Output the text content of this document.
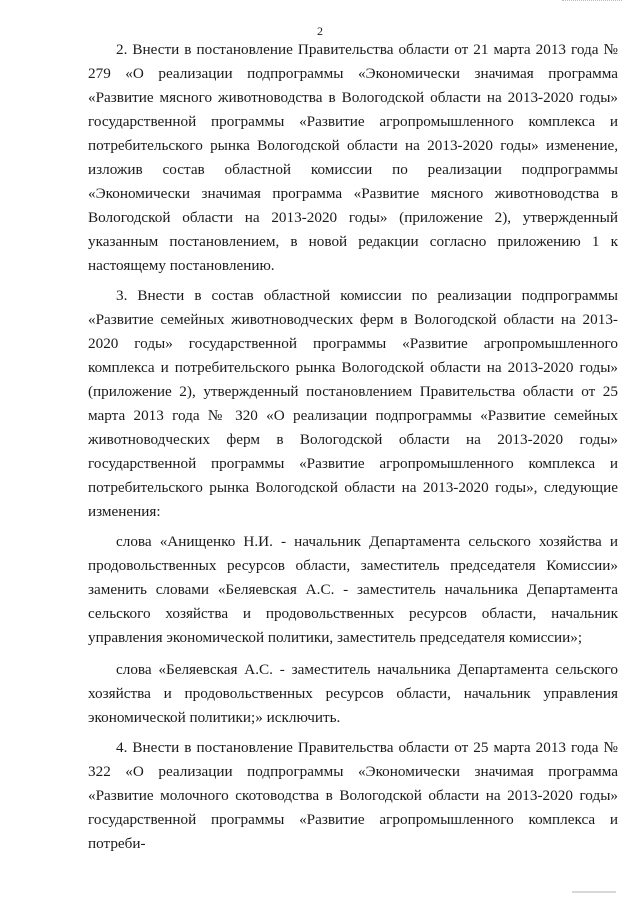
2

2. Внести в постановление Правительства области от 21 марта 2013 года № 279 «О реализации подпрограммы «Экономически значимая программа «Развитие мясного животноводства в Вологодской области на 2013-2020 годы» государственной программы «Развитие агропромышленного комплекса и потребительского рынка Вологодской области на 2013-2020 годы» изменение, изложив состав областной комиссии по реализации подпрограммы «Экономически значимая программа «Развитие мясного животноводства в Вологодской области на 2013-2020 годы» (приложение 2), утвержденный указанным постановлением, в новой редакции согласно приложению 1 к настоящему постановлению.

3. Внести в состав областной комиссии по реализации подпрограммы «Развитие семейных животноводческих ферм в Вологодской области на 2013-2020 годы» государственной программы «Развитие агропромышленного комплекса и потребительского рынка Вологодской области на 2013-2020 годы» (приложение 2), утвержденный постановлением Правительства области от 25 марта 2013 года № 320 «О реализации подпрограммы «Развитие семейных животноводческих ферм в Вологодской области на 2013-2020 годы» государственной программы «Развитие агропромышленного комплекса и потребительского рынка Вологодской области на 2013-2020 годы», следующие изменения:

слова «Анищенко Н.И. - начальник Департамента сельского хозяйства и продовольственных ресурсов области, заместитель председателя Комиссии» заменить словами «Беляевская А.С. - заместитель начальника Департамента сельского хозяйства и продовольственных ресурсов области, начальник управления экономической политики, заместитель председателя комиссии»;

слова «Беляевская А.С. - заместитель начальника Департамента сельского хозяйства и продовольственных ресурсов области, начальник управления экономической политики;» исключить.

4. Внести в постановление Правительства области от 25 марта 2013 года № 322 «О реализации подпрограммы «Экономически значимая программа «Развитие молочного скотоводства в Вологодской области на 2013-2020 годы» государственной программы «Развитие агропромышленного комплекса и потреби-
